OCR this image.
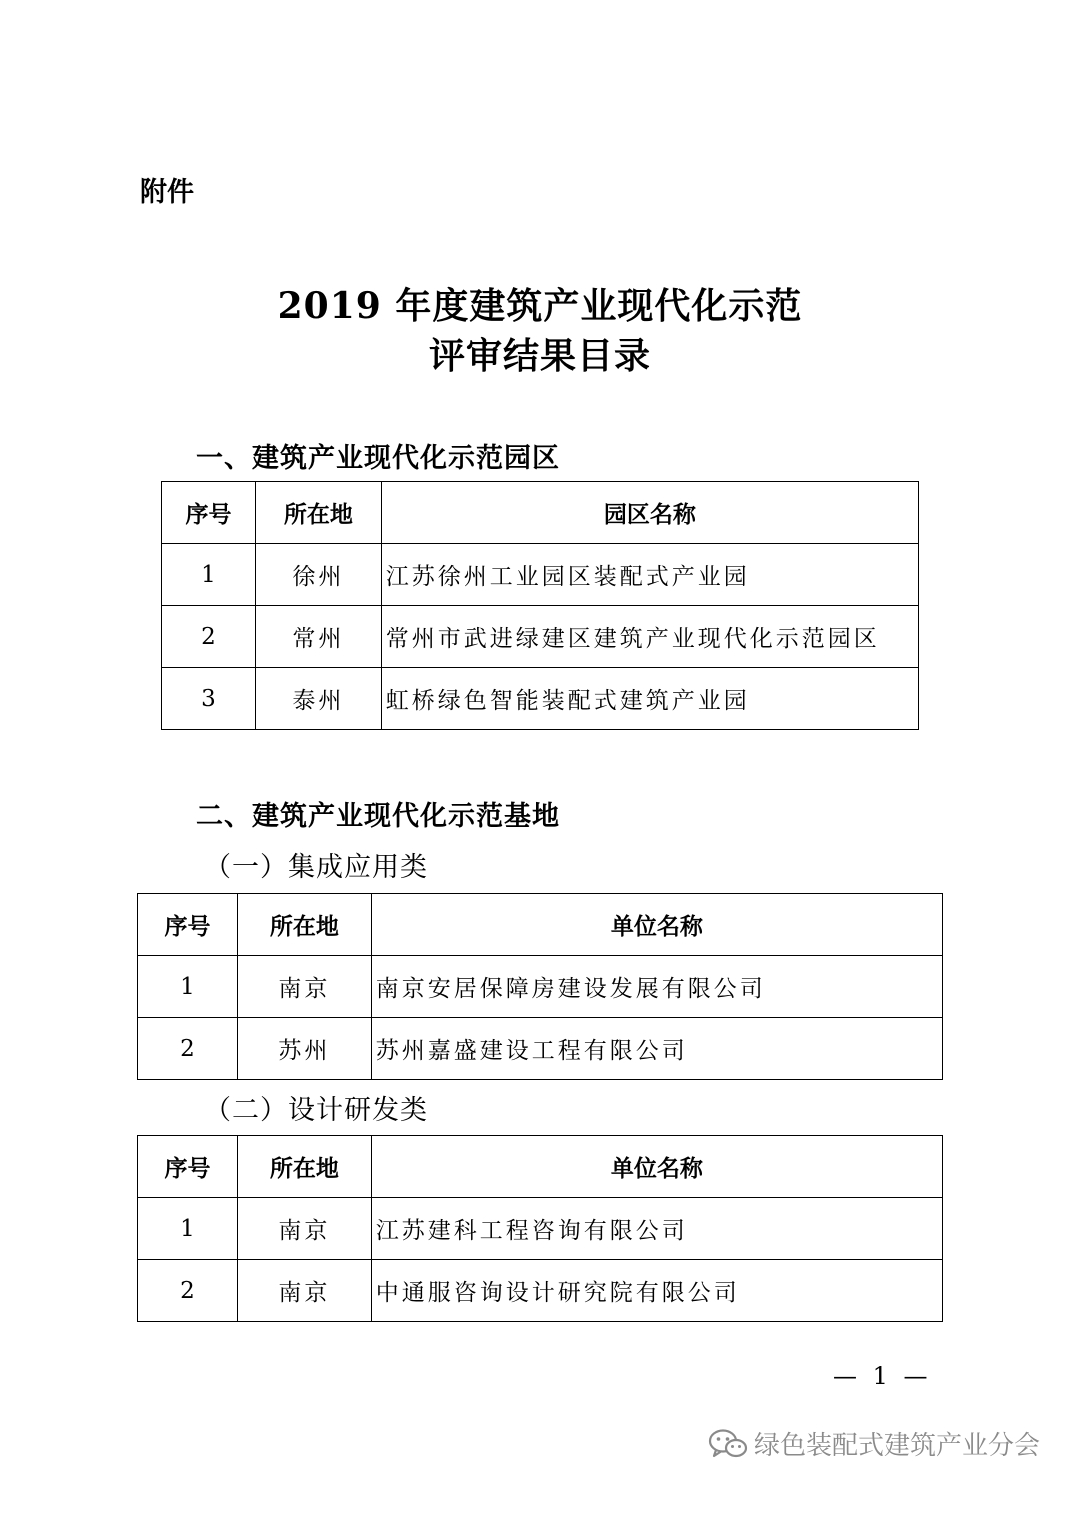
附件
2019 年度建筑产业现代化示范
评审结果目录
一、建筑产业现代化示范园区
序号	所在地	园区名称
1	徐州	江苏徐州工业园区装配式产业园
2	常州	常州市武进绿建区建筑产业现代化示范园区
3	泰州	虹桥绿色智能装配式建筑产业园
二、建筑产业现代化示范基地
（一）集成应用类
序号	所在地	单位名称
1	南京	南京安居保障房建设发展有限公司
2	苏州	苏州嘉盛建设工程有限公司
（二）设计研发类
序号	所在地	单位名称
1	南京	江苏建科工程咨询有限公司
2	南京	中通服咨询设计研究院有限公司
— 1 —
绿色装配式建筑产业分会
